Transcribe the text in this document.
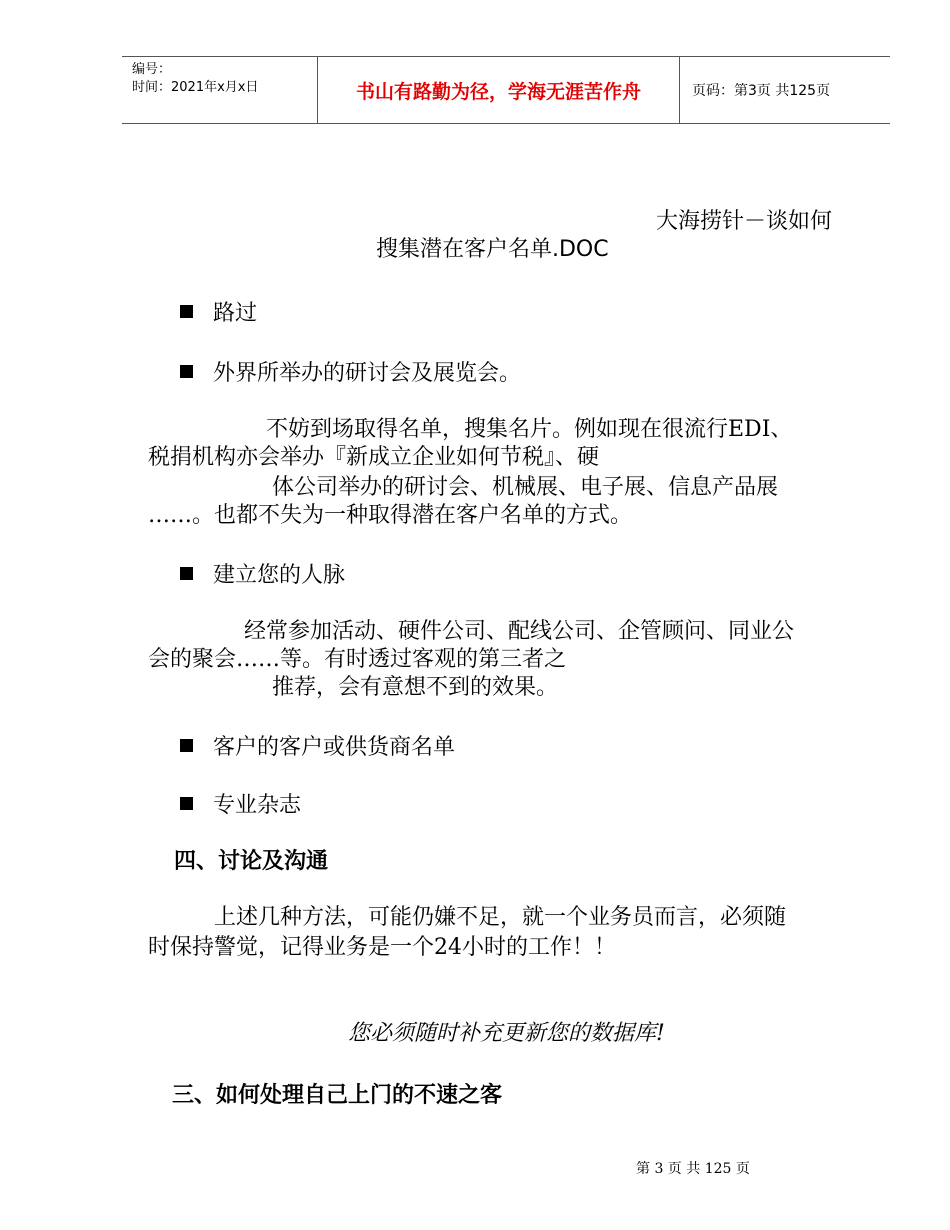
编号：
时间：2021年x月x日	书山有路勤为径，学海无涯苦作舟	页码：第3页 共125页
大海捞针－谈如何
搜集潜在客户名单.DOC
路过
外界所举办的研讨会及展览会。
不妨到场取得名单，搜集名片。例如现在很流行EDI、
税捐机构亦会举办『新成立企业如何节税』、硬
体公司举办的研讨会、机械展、电子展、信息产品展
……。也都不失为一种取得潜在客户名单的方式。
建立您的人脉
经常参加活动、硬件公司、配线公司、企管顾问、同业公
会的聚会……等。有时透过客观的第三者之
推荐，会有意想不到的效果。
客户的客户或供货商名单
专业杂志
四、讨论及沟通
上述几种方法，可能仍嫌不足，就一个业务员而言，必须随
时保持警觉，记得业务是一个24小时的工作！！
您必须随时补充更新您的数据库!
三、如何处理自己上门的不速之客
第 3 页 共 125 页
